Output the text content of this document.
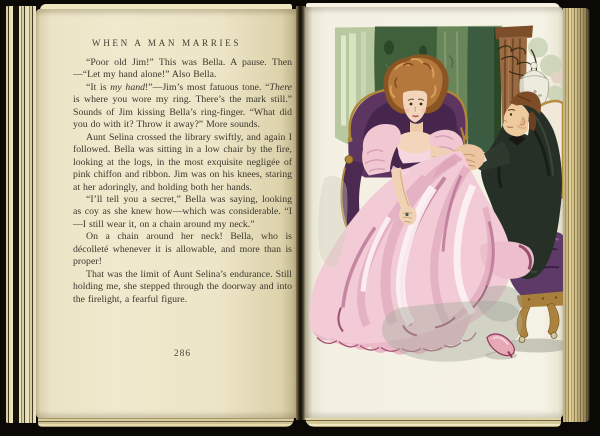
WHEN A MAN MARRIES

“Poor old Jim!” This was Bella. A pause. Then—“Let my hand alone!” Also Bella.

“It is my hand!”—Jim’s most fatuous tone. “There is where you wore my ring. There’s the mark still.” Sounds of Jim kissing Bella’s ring-finger. “What did you do with it? Throw it away?” More sounds.

Aunt Selina crossed the library swiftly, and again I followed. Bella was sitting in a low chair by the fire, looking at the logs, in the most exquisite negligée of pink chiffon and ribbon. Jim was on his knees, staring at her adoringly, and holding both her hands.

“I’ll tell you a secret,” Bella was saying, looking as coy as she knew how—which was considerable. “I—I still wear it, on a chain around my neck.”

On a chain around her neck! Bella, who is décolleté whenever it is allowable, and more than is proper!

That was the limit of Aunt Selina’s endurance. Still holding me, she stepped through the doorway and into the firelight, a fearful figure.

286
